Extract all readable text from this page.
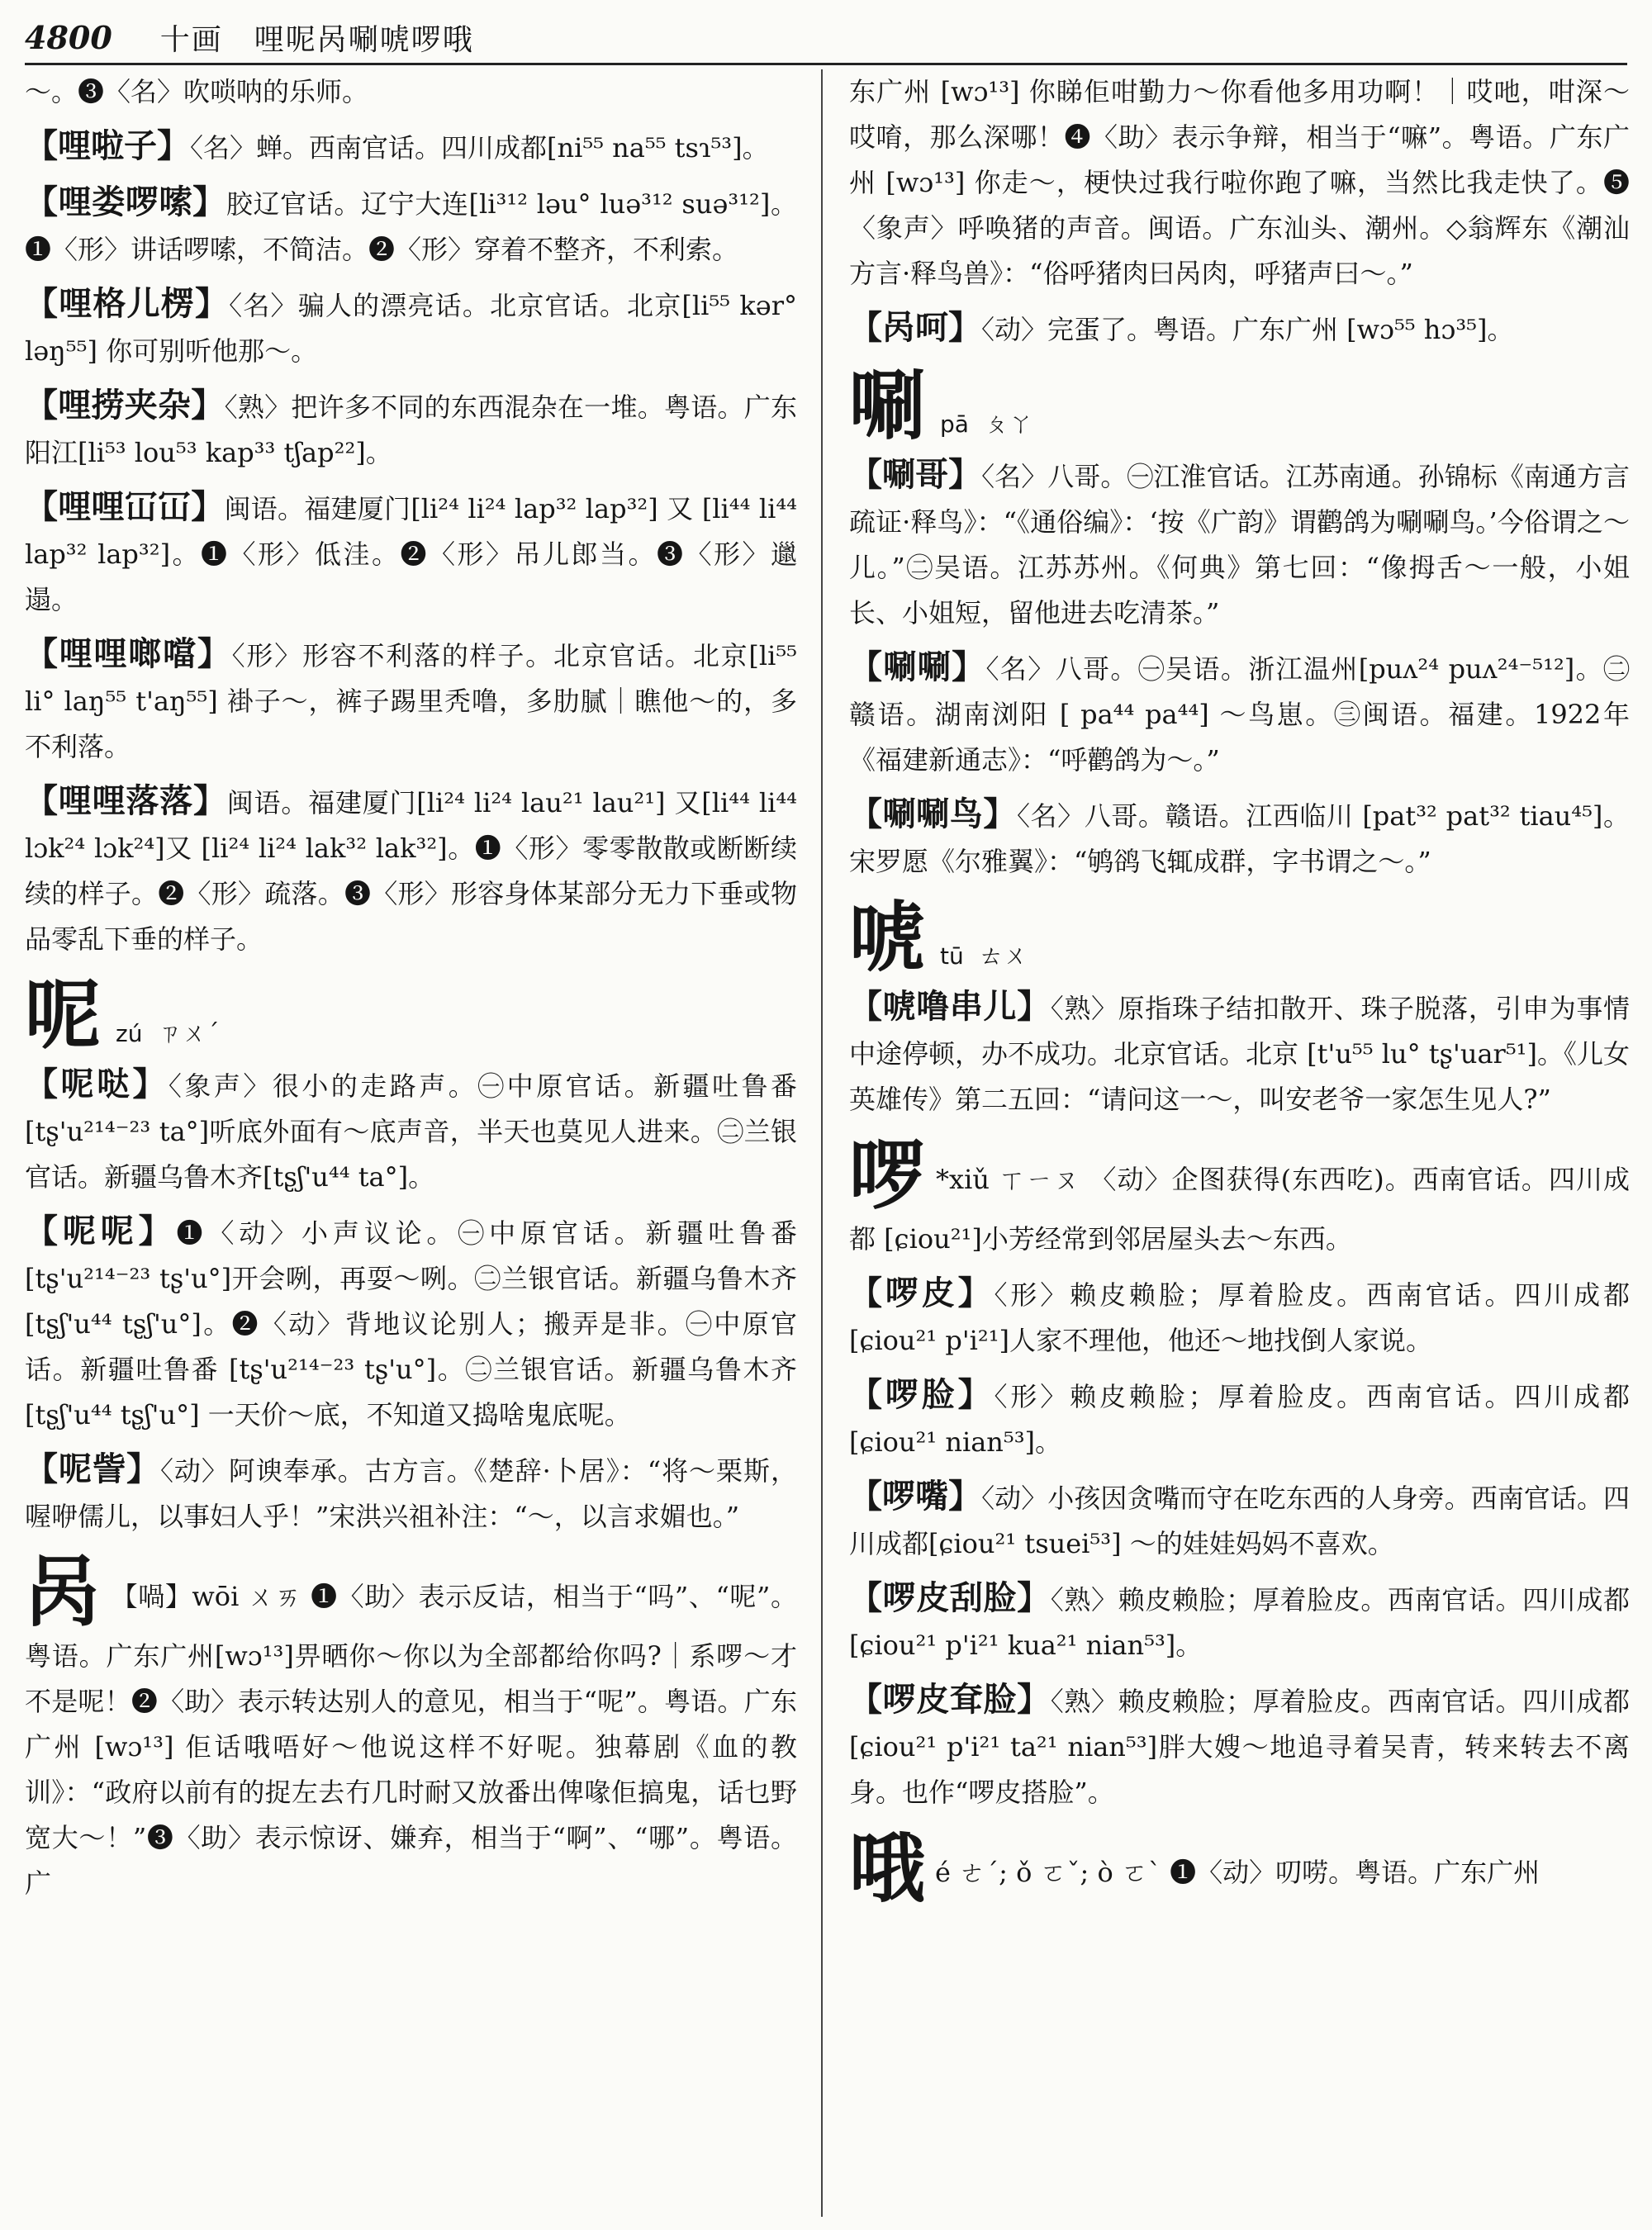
4800 十画　哩呢呙唰唬啰哦

～。❸〈名〉吹唢呐的乐师。

【哩啦子】〈名〉蝉。西南官话。四川成都[ni⁵⁵ na⁵⁵ tsɿ⁵³]。

【哩娄啰嗦】胶辽官话。辽宁大连[li³¹² ləu° luə³¹² suə³¹²]。❶〈形〉讲话啰嗦，不简洁。❷〈形〉穿着不整齐，不利索。

【哩格儿楞】〈名〉骗人的漂亮话。北京官话。北京[li⁵⁵ kər° ləŋ⁵⁵] 你可别听他那～。

【哩捞夹杂】〈熟〉把许多不同的东西混杂在一堆。粤语。广东阳江[li⁵³ lou⁵³ kap³³ tʃap²²]。

【哩哩冚冚】闽语。福建厦门[li²⁴ li²⁴ lap³² lap³²] 又 [li⁴⁴ li⁴⁴ lap³² lap³²]。❶〈形〉低洼。❷〈形〉吊儿郎当。❸〈形〉邋遢。

【哩哩啷噹】〈形〉形容不利落的样子。北京官话。北京[li⁵⁵ li° laŋ⁵⁵ t'aŋ⁵⁵] 褂子～，裤子踢里秃噜，多肋腻｜瞧他～的，多不利落。

【哩哩落落】闽语。福建厦门[li²⁴ li²⁴ lau²¹ lau²¹] 又[li⁴⁴ li⁴⁴ lɔk²⁴ lɔk²⁴]又 [li²⁴ li²⁴ lak³² lak³²]。❶〈形〉零零散散或断断续续的样子。❷〈形〉疏落。❸〈形〉形容身体某部分无力下垂或物品零乱下垂的样子。

呢 zú ㄗㄨˊ

【呢哒】〈象声〉很小的走路声。㊀中原官话。新疆吐鲁番[tʂ'u²¹⁴⁻²³ ta°]听底外面有～底声音，半天也莫见人进来。㊁兰银官话。新疆乌鲁木齐[tʂʃ'u⁴⁴ ta°]。

【呢呢】❶〈动〉小声议论。㊀中原官话。新疆吐鲁番[tʂ'u²¹⁴⁻²³ tʂ'u°]开会咧，再耍～咧。㊁兰银官话。新疆乌鲁木齐 [tʂʃ'u⁴⁴ tʂʃ'u°]。❷〈动〉背地议论别人；搬弄是非。㊀中原官话。新疆吐鲁番 [tʂ'u²¹⁴⁻²³ tʂ'u°]。㊁兰银官话。新疆乌鲁木齐[tʂʃ'u⁴⁴ tʂʃ'u°] 一天价～底，不知道又捣啥鬼底呢。

【呢訾】〈动〉阿谀奉承。古方言。《楚辞·卜居》：“将～栗斯，喔咿儒儿，以事妇人乎！”宋洪兴祖补注：“～，以言求媚也。”

呙 【喎】wōi ㄨㄞ ❶〈助〉表示反诘，相当于“吗”、“呢”。粤语。广东广州[wɔ¹³]畀晒你～你以为全部都给你吗?｜系啰～才不是呢！❷〈助〉表示转达别人的意见，相当于“呢”。粤语。广东广州 [wɔ¹³] 佢话哦唔好～他说这样不好呢。独幕剧《血的教训》：“政府以前有的捉左去冇几时耐又放番出俾喙佢搞鬼，话乜野宽大～！”❸〈助〉表示惊讶、嫌弃，相当于“啊”、“哪”。粤语。广

东广州 [wɔ¹³] 你睇佢咁勤力～你看他多用功啊！｜哎吔，咁深～哎唷，那么深哪！❹〈助〉表示争辩，相当于“嘛”。粤语。广东广州 [wɔ¹³] 你走～，梗快过我行啦你跑了嘛，当然比我走快了。❺〈象声〉呼唤猪的声音。闽语。广东汕头、潮州。◇翁辉东《潮汕方言·释鸟兽》：“俗呼猪肉曰呙肉，呼猪声曰～。”

【呙呵】〈动〉完蛋了。粤语。广东广州 [wɔ⁵⁵ hɔ³⁵]。

唰 pā ㄆㄚ

【唰哥】〈名〉八哥。㊀江淮官话。江苏南通。孙锦标《南通方言疏证·释鸟》：“《通俗编》：‘按《广韵》谓鹳鸽为唰唰鸟。’今俗谓之～儿。”㊁吴语。江苏苏州。《何典》第七回：“像拇舌～一般，小姐长、小姐短，留他进去吃清茶。”

【唰唰】〈名〉八哥。㊀吴语。浙江温州[puʌ²⁴ puʌ²⁴⁻⁵¹²]。㊁赣语。湖南浏阳 [ pa⁴⁴ pa⁴⁴] ～鸟崽。㊂闽语。福建。1922年《福建新通志》：“呼鹳鸽为～。”

【唰唰鸟】〈名〉八哥。赣语。江西临川 [pat³² pat³² tiau⁴⁵]。宋罗愿《尔雅翼》：“鸲鹆飞辄成群，字书谓之～。”

唬 tū ㄊㄨ

【唬噜串儿】〈熟〉原指珠子结扣散开、珠子脱落，引申为事情中途停顿，办不成功。北京官话。北京 [t'u⁵⁵ lu° tʂ'uar⁵¹]。《儿女英雄传》第二五回：“请问这一～，叫安老爷一家怎生见人?”

啰 *xiǔ ㄒㄧㄡ 〈动〉企图获得(东西吃)。西南官话。四川成都 [ɕiou²¹]小芳经常到邻居屋头去～东西。

【啰皮】〈形〉赖皮赖脸；厚着脸皮。西南官话。四川成都[ɕiou²¹ p'i²¹]人家不理他，他还～地找倒人家说。

【啰脸】〈形〉赖皮赖脸；厚着脸皮。西南官话。四川成都 [ɕiou²¹ nian⁵³]。

【啰嘴】〈动〉小孩因贪嘴而守在吃东西的人身旁。西南官话。四川成都[ɕiou²¹ tsuei⁵³] ～的娃娃妈妈不喜欢。

【啰皮刮脸】〈熟〉赖皮赖脸；厚着脸皮。西南官话。四川成都[ɕiou²¹ p'i²¹ kua²¹ nian⁵³]。

【啰皮耷脸】〈熟〉赖皮赖脸；厚着脸皮。西南官话。四川成都[ɕiou²¹ p'i²¹ ta²¹ nian⁵³]胖大嫂～地追寻着吴青，转来转去不离身。也作“啰皮搭脸”。

哦é ㄜˊ; ǒ ㄛˇ; ò ㄛˋ ❶〈动〉叨唠。粤语。广东广州
